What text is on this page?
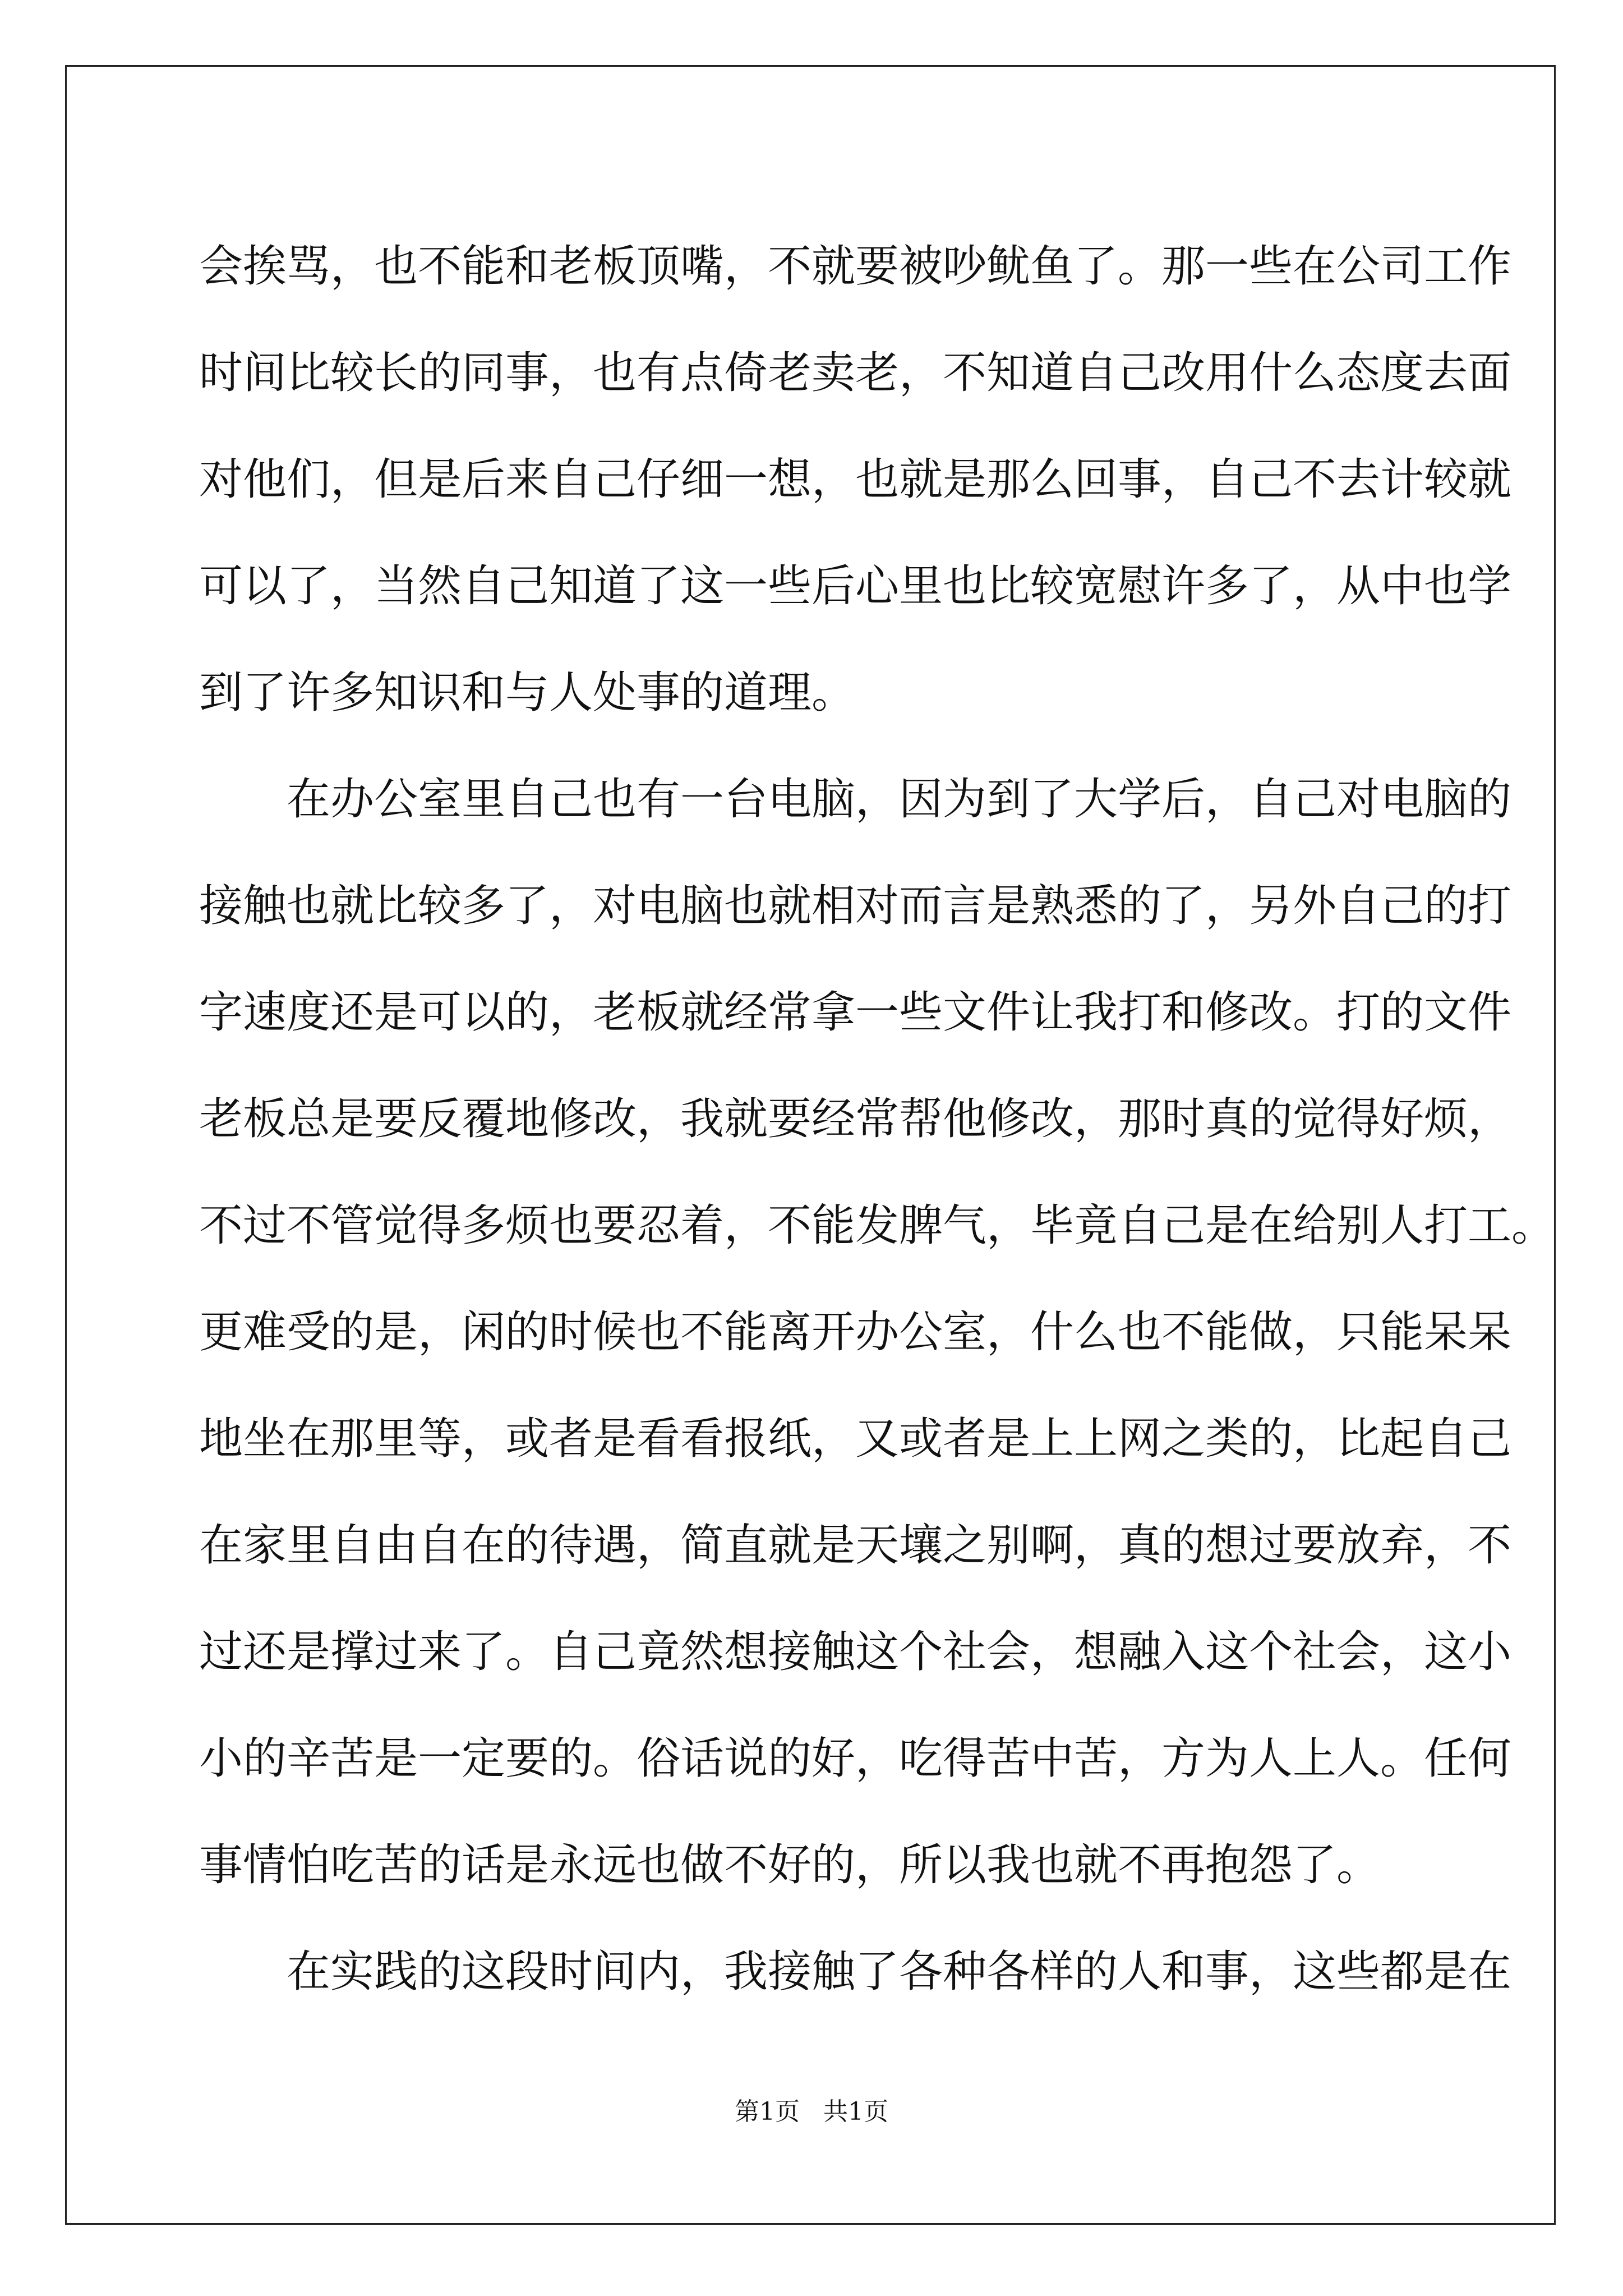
会挨骂，也不能和老板顶嘴，不就要被吵鱿鱼了。那一些在公司工作
时间比较长的同事，也有点倚老卖老，不知道自己改用什么态度去面
对他们，但是后来自己仔细一想，也就是那么回事，自己不去计较就
可以了，当然自己知道了这一些后心里也比较宽慰许多了，从中也学
到了许多知识和与人处事的道理。
　　在办公室里自己也有一台电脑，因为到了大学后，自己对电脑的
接触也就比较多了，对电脑也就相对而言是熟悉的了，另外自己的打
字速度还是可以的，老板就经常拿一些文件让我打和修改。打的文件
老板总是要反覆地修改，我就要经常帮他修改，那时真的觉得好烦，
不过不管觉得多烦也要忍着，不能发脾气，毕竟自己是在给别人打工。
更难受的是，闲的时候也不能离开办公室，什么也不能做，只能呆呆
地坐在那里等，或者是看看报纸，又或者是上上网之类的，比起自己
在家里自由自在的待遇，简直就是天壤之别啊，真的想过要放弃，不
过还是撑过来了。自己竟然想接触这个社会，想融入这个社会，这小
小的辛苦是一定要的。俗话说的好，吃得苦中苦，方为人上人。任何
事情怕吃苦的话是永远也做不好的，所以我也就不再抱怨了。
　　在实践的这段时间内，我接触了各种各样的人和事，这些都是在
第1页   共1页
